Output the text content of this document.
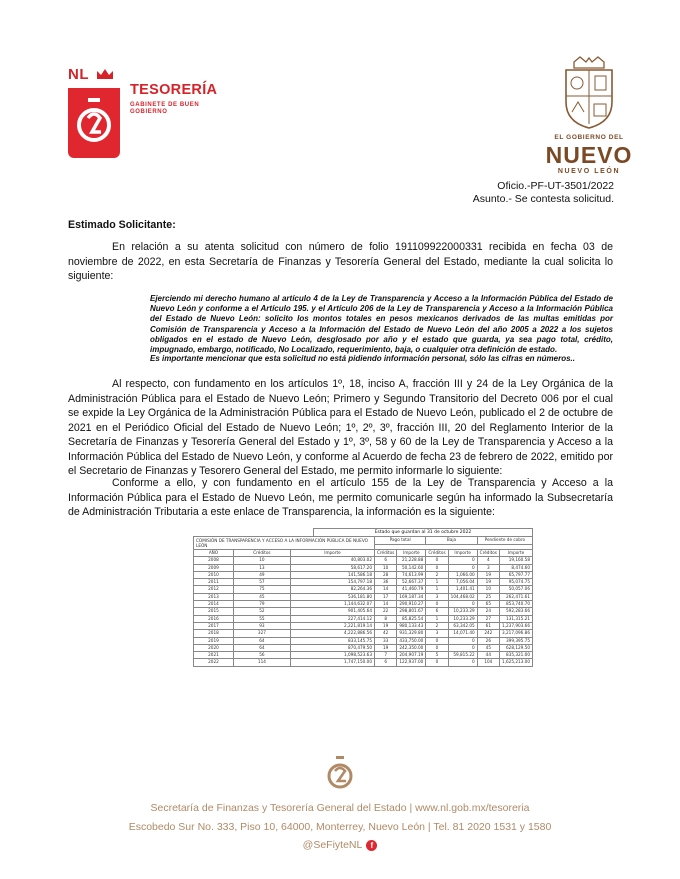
NL
TESORERÍA
GABINETE DE BUEN GOBIERNO
EL GOBIERNO DEL
NUEVO
NUEVO LEÓN
Oficio.-PF-UT-3501/2022
Asunto.- Se contesta solicitud.
Estimado Solicitante:
En relación a su atenta solicitud con número de folio 191109922000331 recibida en fecha 03 de noviembre de 2022, en esta Secretaría de Finanzas y Tesorería General del Estado, mediante la cual solicita lo siguiente:
Ejerciendo mi derecho humano al artículo 4 de la Ley de Transparencia y Acceso a la Información Pública del Estado de Nuevo León y conforme a el Artículo 195. y el Artículo 206 de la Ley de Transparencia y Acceso a la Información Pública del Estado de Nuevo León: solicito los montos totales en pesos mexicanos derivados de las multas emitidas por Comisión de Transparencia y Acceso a la Información del Estado de Nuevo León del año 2005 a 2022 a los sujetos obligados en el estado de Nuevo León, desglosado por año y el estado que guarda, ya sea pago total, crédito, impugnado, embargo, notificado, No Localizado, requerimiento, baja, o cualquier otra definición de estado.
Es importante mencionar que esta solicitud no está pidiendo información personal, sólo las cifras en números..
Al respecto, con fundamento en los artículos 1º, 18, inciso A, fracción III y 24 de la Ley Orgánica de la Administración Pública para el Estado de Nuevo León; Primero y Segundo Transitorio del Decreto 006 por el cual se expide la Ley Orgánica de la Administración Pública para el Estado de Nuevo León, publicado el 2 de octubre de 2021 en el Periódico Oficial del Estado de Nuevo León; 1º, 2º, 3º, fracción III, 20 del Reglamento Interior de la Secretaría de Finanzas y Tesorería General del Estado y 1º, 3º, 58 y 60 de la Ley de Transparencia y Acceso a la Información Pública del Estado de Nuevo León, y conforme al Acuerdo de fecha 23 de febrero de 2022, emitido por el Secretario de Finanzas y Tesorero General del Estado, me permito informarle lo siguiente:
Conforme a ello, y con fundamento en el artículo 155 de la Ley de Transparencia y Acceso a la Información Pública para el Estado de Nuevo León, me permito comunicarle según ha informado la Subsecretaría de Administración Tributaria a este enlace de Transparencia, la información es la siguiente:
Estado que guardan al 31 de octubre 2022
COMISIÓN DE TRANSPARENCIA Y ACCESO A LA INFORMACIÓN PÚBLICA DE NUEVO LEÓN			Pago total		Baja		Pendiente de cobro	

AÑO	Créditos	Importe	Créditos	Importe	Créditos	Importe	Créditos	Importe
2008	10	40,803.02	6	21,228.88	0	0	4	19,160.58
2009	13	58,617.20	10	50,142.60	0	0	3	8,474.60
2010	49	141,586.18	28	74,613.99	2	1,066.00	19	65,797.77
2011	57	154,797.18	36	52,667.37	1	7,056.04	19	95,074.75
2012	75	82,264.36	14	41,460.79	1	1,401.41	10	50,057.06
2013	45	536,181.80	17	169,187.34	3	104,468.02	25	262,471.61
2014	79	1,144,632.07	14	290,910.27	0	0	65	853,740.70
2015	52	901,405.64	22	298,801.67	6	10,233.29	24	592,283.66
2016	55	227,414.12	8	85,825.54	1	10,233.29	27	131,315.21
2017	93	2,221,819.14	19	980,133.43	2	63,342.05	61	1,237,903.66
2018	327	4,222,886.56	42	931,329.80	3	14,071.40	242	3,217,096.86
2019	64	833,145.75	33	433,750.00	0	0	26	399,395.75
2020	64	870,479.50	19	242,350.00	0	0	45	628,129.50
2021	56	1,098,523.63	7	204,907.19	5	59,815.22	44	835,321.00
2022	114	1,747,150.00	6	122,937.00	0	0	104	1,625,213.00
Secretaría de Finanzas y Tesorería General del Estado | www.nl.gob.mx/tesoreria
Escobedo Sur No. 333, Piso 10, 64000, Monterrey, Nuevo León | Tel. 81 2020 1531 y 1580
@SeFiyteNL f
